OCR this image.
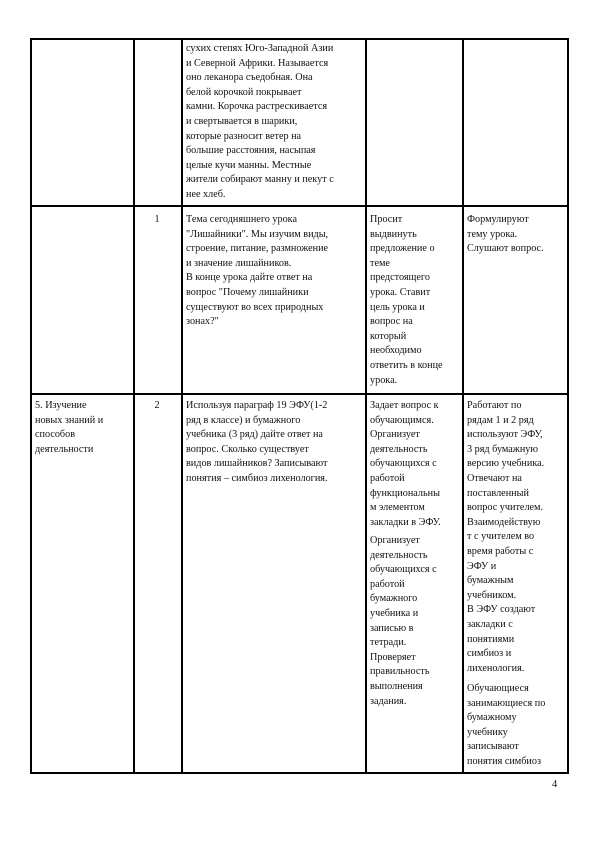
сухих степях Юго-Западной Азии
и Северной Африки. Называется
оно леканора съедобная. Она
белой корочкой покрывает
камни. Корочка растрескивается
и свертывается в шарики,
которые разносит ветер на
большие расстояния, насыпая
целые кучи манны. Местные
жители собирают манну и пекут с
нее хлеб.
1	Тема сегодняшнего урока
"Лишайники". Мы изучим виды,
строение, питание, размножение
и значение лишайников.
В конце урока дайте ответ на
вопрос "Почему лишайники
существуют во всех природных
зонах?"
Просит
выдвинуть
предложение о
теме
предстоящего
урока. Ставит
цель урока и
вопрос на
который
необходимо
ответить в конце
урока.
Формулируют
тему урока.
Слушают вопрос.
5. Изучение
новых знаний и
способов
деятельности
2	Используя параграф 19 ЭФУ(1-2
ряд в классе) и бумажного
учебника (3 ряд) дайте ответ на
вопрос. Сколько существует
видов лишайников? Записывают
понятия – симбиоз лихенология.
Задает вопрос к
обучающимся.
Организует
деятельность
обучающихся с
работой
функциональны
м элементом
закладки в ЭФУ.
Организует
деятельность
обучающихся с
работой
бумажного
учебника и
записью в
тетради.
Проверяет
правильность
выполнения
задания.
Работают по
рядам 1 и 2 ряд
используют ЭФУ,
3 ряд бумажную
версию учебника.
Отвечают на
поставленный
вопрос учителем.
Взаимодействую
т с учителем во
время работы с
ЭФУ и
бумажным
учебником.
В ЭФУ создают
закладки с
понятиями
симбиоз и
лихенология.
Обучающиеся
занимающиеся по
бумажному
учебнику
записывают
понятия симбиоз
4
